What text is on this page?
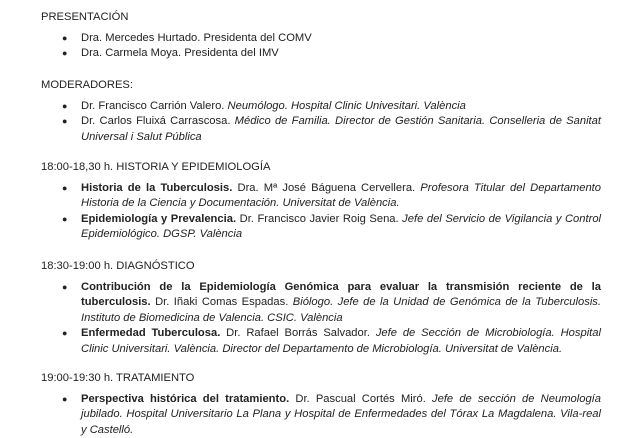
PRESENTACIÓN

● Dra. Mercedes Hurtado. Presidenta del COMV
● Dra. Carmela Moya. Presidenta del IMV

MODERADORES:

● Dr. Francisco Carrión Valero. Neumólogo. Hospital Clinic Univesitari. València
● Dr. Carlos Fluixá Carrascosa. Médico de Familia. Director de Gestión Sanitaria. Conselleria de Sanitat Universal i Salut Pública

18:00-18,30 h. HISTORIA Y EPIDEMIOLOGÍA

● Historia de la Tuberculosis. Dra. Mª José Báguena Cervellera. Profesora Titular del Departamento Historia de la Ciencia y Documentación. Universitat de València.
● Epidemiología y Prevalencia. Dr. Francisco Javier Roig Sena. Jefe del Servicio de Vigilancia y Control Epidemiológico. DGSP. València

18:30-19:00 h. DIAGNÓSTICO

● Contribución de la Epidemiología Genómica para evaluar la transmisión reciente de la tuberculosis. Dr. Iñaki Comas Espadas. Biólogo. Jefe de la Unidad de Genómica de la Tuberculosis. Instituto de Biomedicina de Valencia. CSIC. València
● Enfermedad Tuberculosa. Dr. Rafael Borrás Salvador. Jefe de Sección de Microbiología. Hospital Clinic Universitari. València. Director del Departamento de Microbiología. Universitat de València.

19:00-19:30 h. TRATAMIENTO

● Perspectiva histórica del tratamiento. Dr. Pascual Cortés Miró. Jefe de sección de Neumología jubilado. Hospital Universitario La Plana y Hospital de Enfermedades del Tórax La Magdalena. Vila-real y Castelló.
